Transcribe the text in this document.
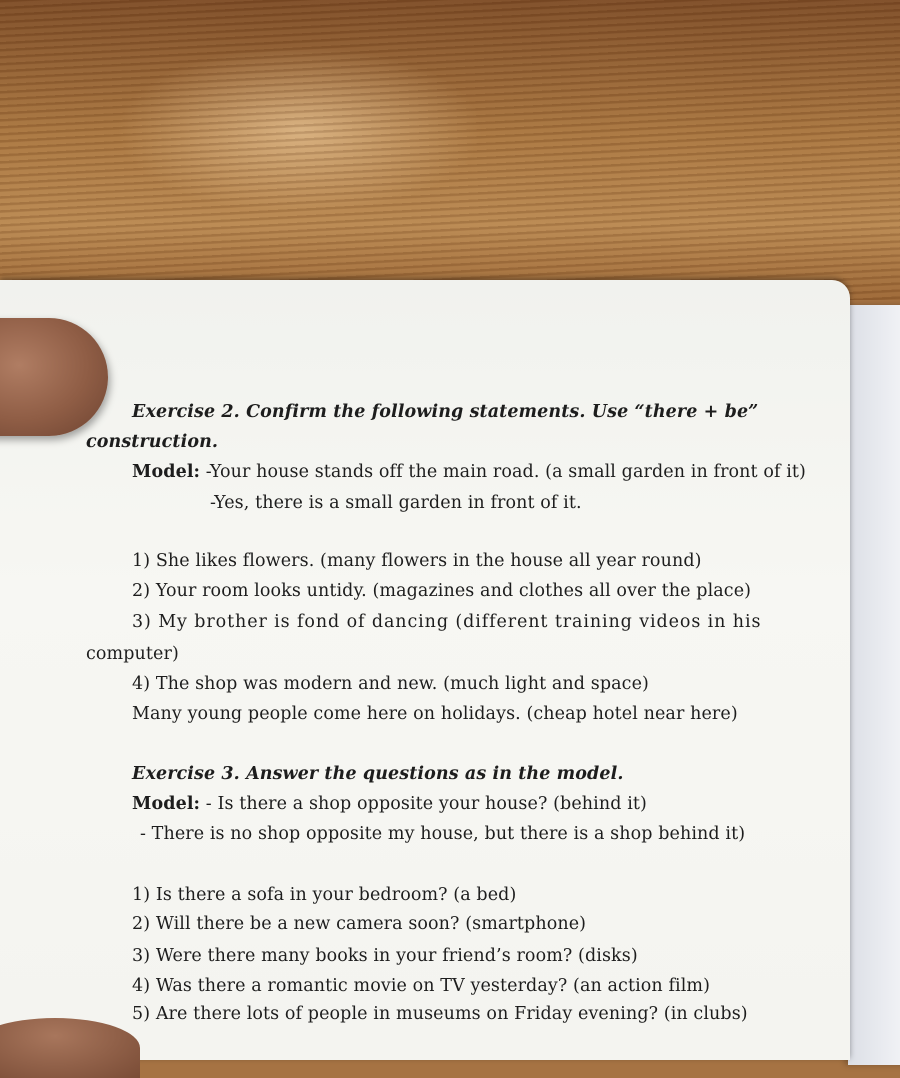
Exercise 2. Confirm the following statements. Use “there + be”
construction.
Model: -Your house stands off the main road. (a small garden in front of it)
-Yes, there is a small garden in front of it.
1) She likes flowers. (many flowers in the house all year round)
2) Your room looks untidy. (magazines and clothes all over the place)
3) My brother is fond of dancing (different training videos in his
computer)
4) The shop was modern and new. (much light and space)
Many young people come here on holidays. (cheap hotel near here)
Exercise 3. Answer the questions as in the model.
Model: - Is there a shop opposite your house? (behind it)
- There is no shop opposite my house, but there is a shop behind it)
1) Is there a sofa in your bedroom? (a bed)
2) Will there be a new camera soon? (smartphone)
3) Were there many books in your friend’s room? (disks)
4) Was there a romantic movie on TV yesterday? (an action film)
5) Are there lots of people in museums on Friday evening? (in clubs)
